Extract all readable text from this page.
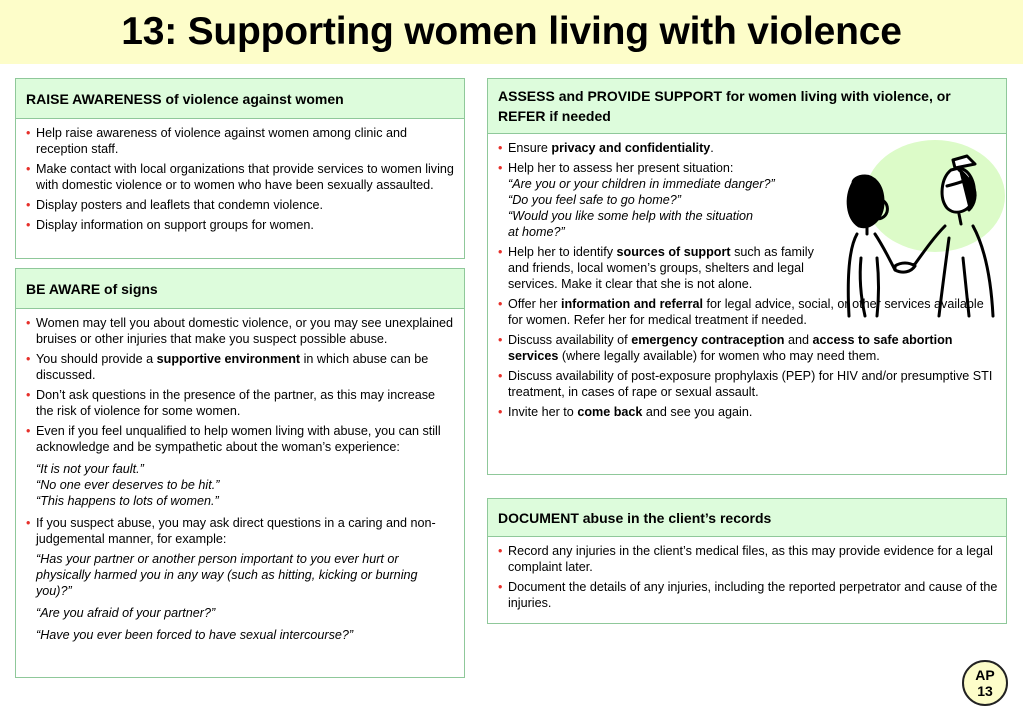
13: Supporting women living with violence
RAISE AWARENESS of violence against women
• Help raise awareness of violence against women among clinic and reception staff.
• Make contact with local organizations that provide services to women living with domestic violence or to women who have been sexually assaulted.
• Display posters and leaflets that condemn violence.
• Display information on support groups for women.
BE AWARE of signs
• Women may tell you about domestic violence, or you may see unexplained bruises or other injuries that make you suspect possible abuse.
• You should provide a supportive environment in which abuse can be discussed.
• Don’t ask questions in the presence of the partner, as this may increase the risk of violence for some women.
• Even if you feel unqualified to help women living with abuse, you can still acknowledge and be sympathetic about the woman’s experience:
“It is not your fault.”
“No one ever deserves to be hit.”
“This happens to lots of women.”
• If you suspect abuse, you may ask direct questions in a caring and non-judgemental manner, for example:
“Has your partner or another person important to you ever hurt or physically harmed you in any way (such as hitting, kicking or burning you)?”
“Are you afraid of your partner?”
“Have you ever been forced to have sexual intercourse?”
ASSESS and PROVIDE SUPPORT for women living with violence, or REFER if needed
• Ensure privacy and confidentiality.
• Help her to assess her present situation:
“Are you or your children in immediate danger?”
“Do you feel safe to go home?”
“Would you like some help with the situation
at home?”
• Help her to identify sources of support such as family and friends, local women’s groups, shelters and legal services. Make it clear that she is not alone.
• Offer her information and referral for legal advice, social, or other services available for women. Refer her for medical treatment if needed.
• Discuss availability of emergency contraception and access to safe abortion services (where legally available) for women who may need them.
• Discuss availability of post-exposure prophylaxis (PEP) for HIV and/or presumptive STI treatment, in cases of rape or sexual assault.
• Invite her to come back and see you again.
DOCUMENT abuse in the client’s records
• Record any injuries in the client’s medical files, as this may provide evidence for a legal complaint later.
• Document the details of any injuries, including the reported perpetrator and cause of the injuries.
AP
13
